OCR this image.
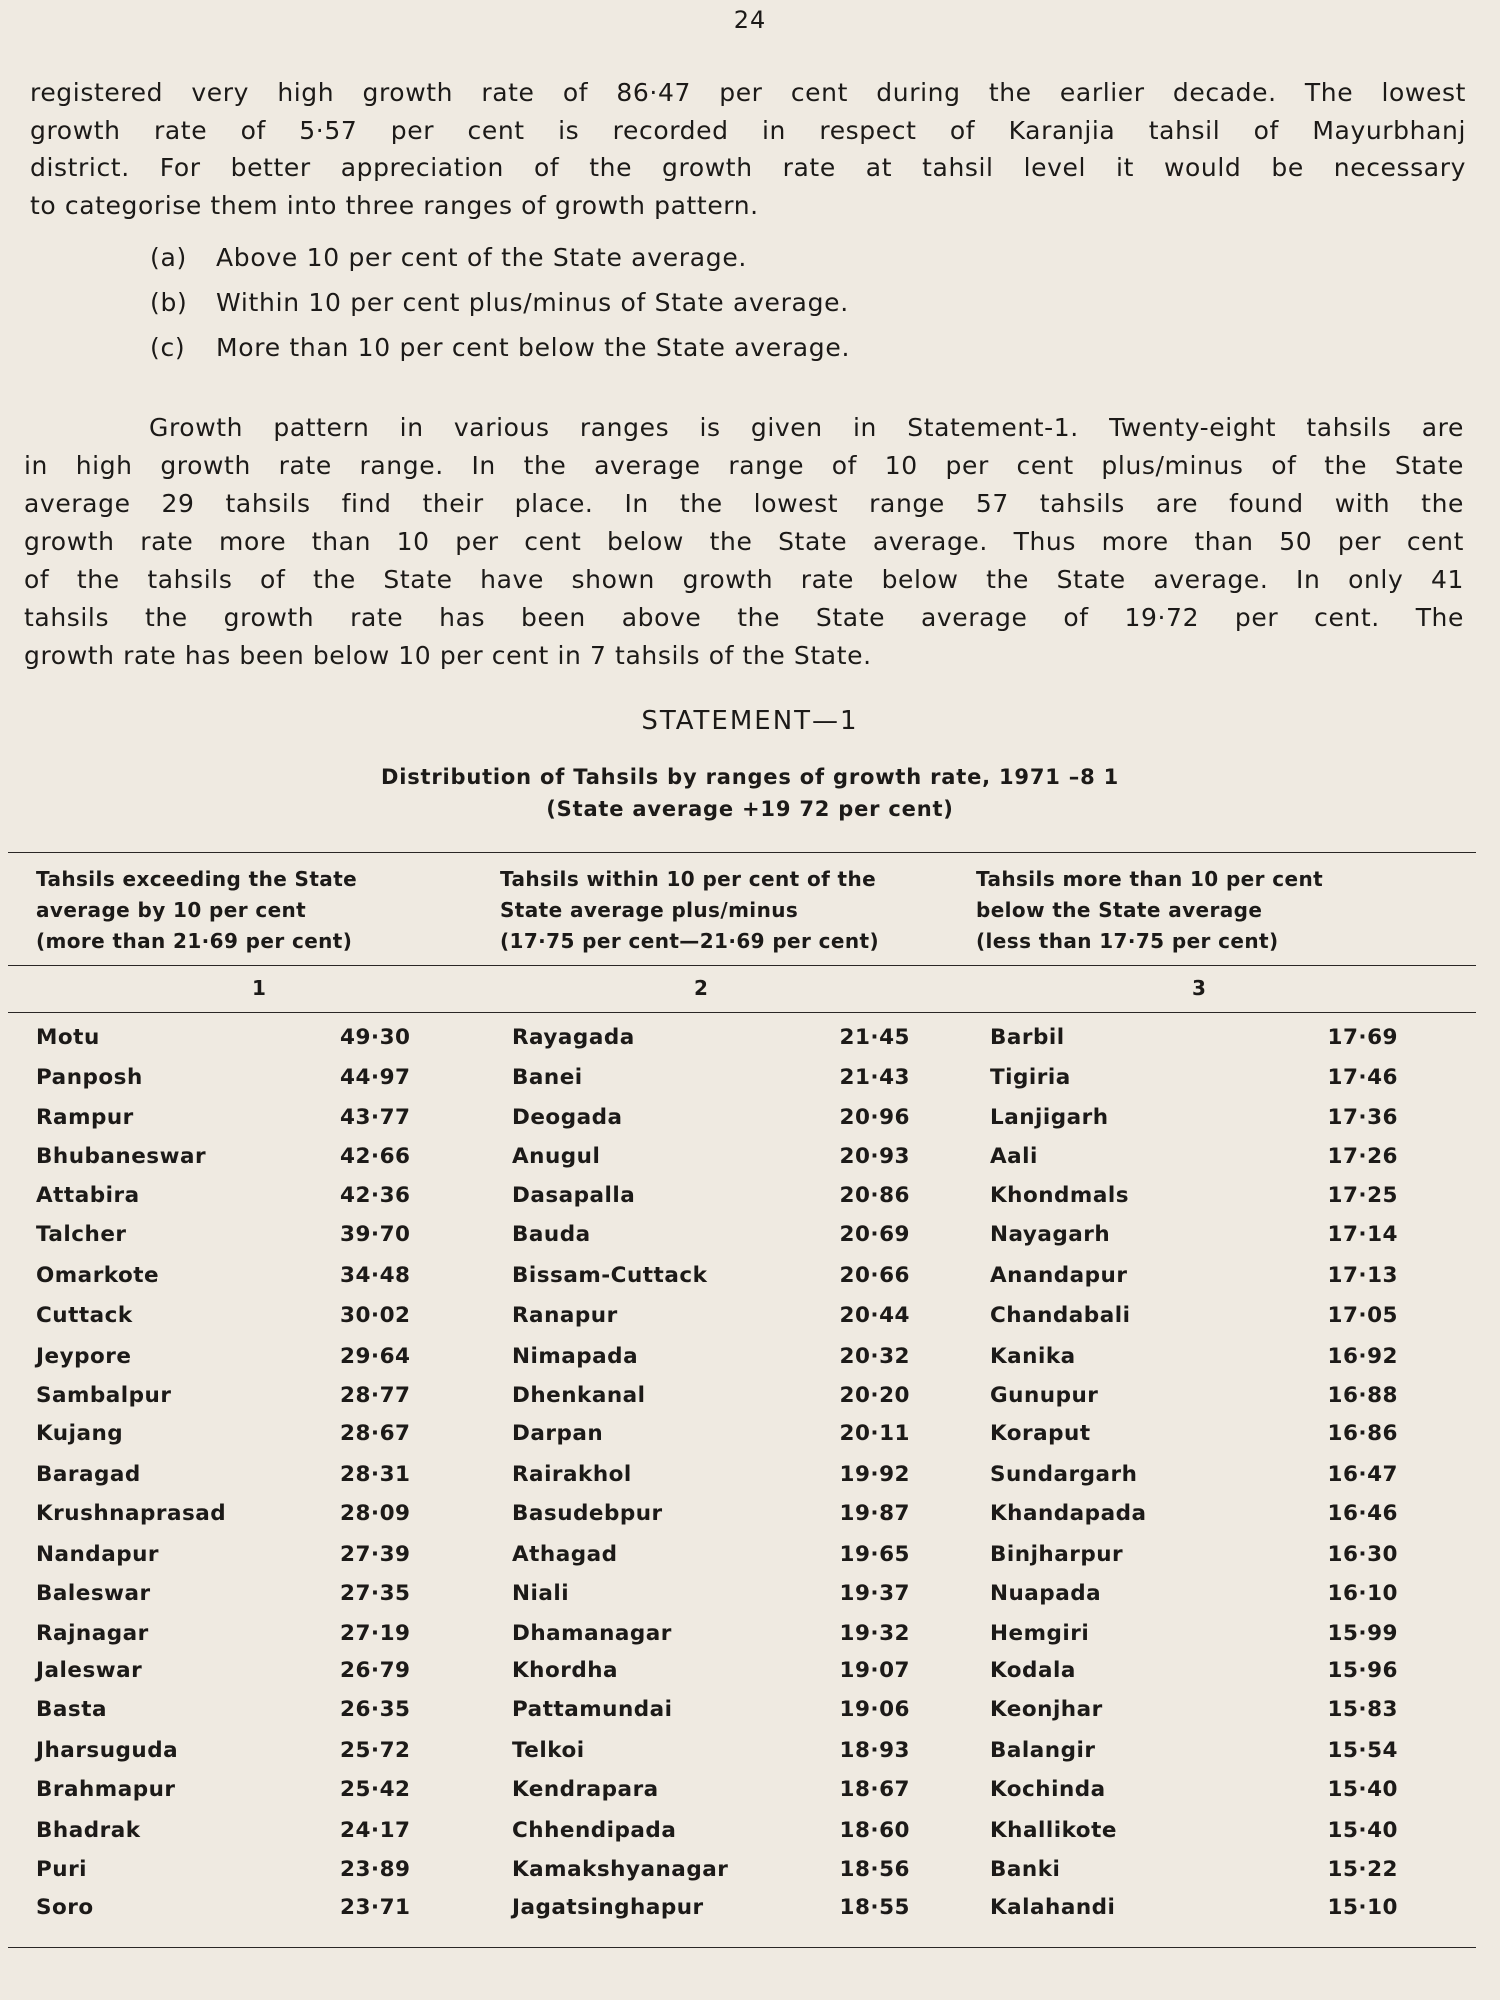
24
registered very high growth rate of 86·47 per cent during the earlier decade. The lowest
growth rate of 5·57 per cent is recorded in respect of Karanjia tahsil of Mayurbhanj
district. For better appreciation of the growth rate at tahsil level it would be necessary
to categorise them into three ranges of growth pattern.
(a) Above 10 per cent of the State average.
(b) Within 10 per cent plus/minus of State average.
(c) More than 10 per cent below the State average.
Growth pattern in various ranges is given in Statement-1. Twenty-eight tahsils are
in high growth rate range. In the average range of 10 per cent plus/minus of the State
average 29 tahsils find their place. In the lowest range 57 tahsils are found with the
growth rate more than 10 per cent below the State average. Thus more than 50 per cent
of the tahsils of the State have shown growth rate below the State average. In only 41
tahsils the growth rate has been above the State average of 19·72 per cent. The
growth rate has been below 10 per cent in 7 tahsils of the State.
STATEMENT—1
Distribution of Tahsils by ranges of growth rate, 1971 –8 1
(State average +19 72 per cent)
Tahsils exceeding the State
average by 10 per cent
(more than 21·69 per cent)
Tahsils within 10 per cent of the
State average plus/minus
(17·75 per cent—21·69 per cent)
Tahsils more than 10 per cent
below the State average
(less than 17·75 per cent)
1	2	3
Motu	49·30	Rayagada	21·45	Barbil	17·69
Panposh	44·97	Banei	21·43	Tigiria	17·46
Rampur	43·77	Deogada	20·96	Lanjigarh	17·36
Bhubaneswar	42·66	Anugul	20·93	Aali	17·26
Attabira	42·36	Dasapalla	20·86	Khondmals	17·25
Talcher	39·70	Bauda	20·69	Nayagarh	17·14
Omarkote	34·48	Bissam-Cuttack	20·66	Anandapur	17·13
Cuttack	30·02	Ranapur	20·44	Chandabali	17·05
Jeypore	29·64	Nimapada	20·32	Kanika	16·92
Sambalpur	28·77	Dhenkanal	20·20	Gunupur	16·88
Kujang	28·67	Darpan	20·11	Koraput	16·86
Baragad	28·31	Rairakhol	19·92	Sundargarh	16·47
Krushnaprasad	28·09	Basudebpur	19·87	Khandapada	16·46
Nandapur	27·39	Athagad	19·65	Binjharpur	16·30
Baleswar	27·35	Niali	19·37	Nuapada	16·10
Rajnagar	27·19	Dhamanagar	19·32	Hemgiri	15·99
Jaleswar	26·79	Khordha	19·07	Kodala	15·96
Basta	26·35	Pattamundai	19·06	Keonjhar	15·83
Jharsuguda	25·72	Telkoi	18·93	Balangir	15·54
Brahmapur	25·42	Kendrapara	18·67	Kochinda	15·40
Bhadrak	24·17	Chhendipada	18·60	Khallikote	15·40
Puri	23·89	Kamakshyanagar	18·56	Banki	15·22
Soro	23·71	Jagatsinghapur	18·55	Kalahandi	15·10
